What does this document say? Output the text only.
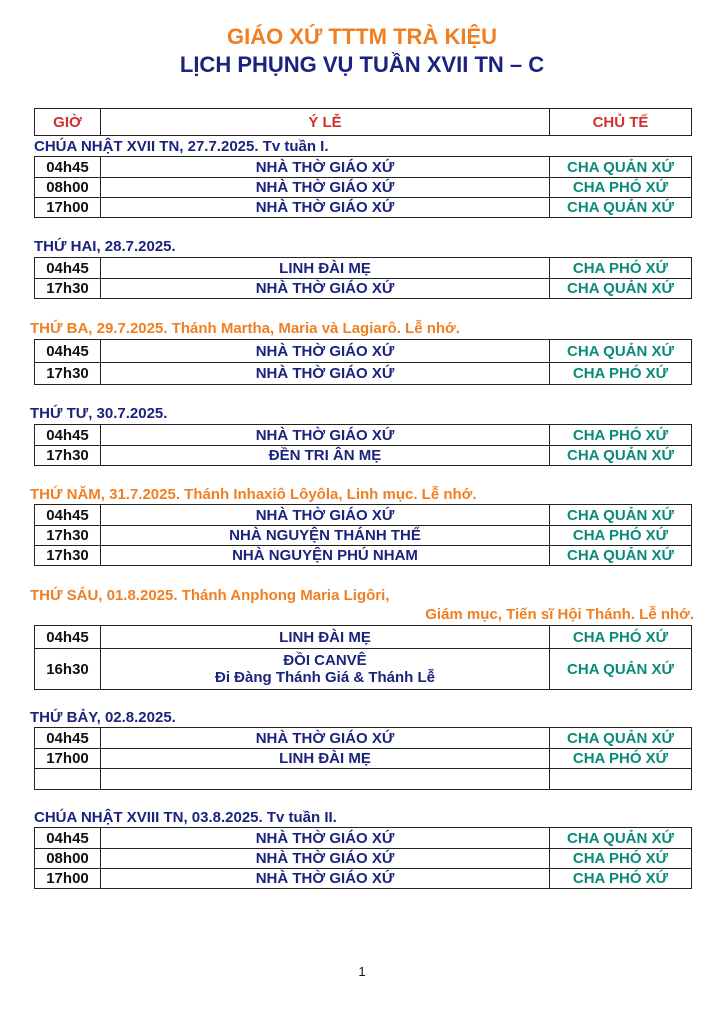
GIÁO XỨ TTTM TRÀ KIỆU
LỊCH PHỤNG VỤ TUẦN XVII TN – C
GIỜ	Ý LỄ	CHỦ TẾ
CHÚA NHẬT XVII TN, 27.7.2025. Tv tuần I.
04h45	NHÀ THỜ GIÁO XỨ	CHA QUẢN XỨ
08h00	NHÀ THỜ GIÁO XỨ	CHA PHÓ XỨ
17h00	NHÀ THỜ GIÁO XỨ	CHA QUẢN XỨ
THỨ HAI, 28.7.2025.
04h45	LINH ĐÀI MẸ	CHA PHÓ XỨ
17h30	NHÀ THỜ GIÁO XỨ	CHA QUẢN XỨ
THỨ BA, 29.7.2025. Thánh Martha, Maria và Lagiarô. Lễ nhớ.
04h45	NHÀ THỜ GIÁO XỨ	CHA QUẢN XỨ
17h30	NHÀ THỜ GIÁO XỨ	CHA PHÓ XỨ
THỨ TƯ, 30.7.2025.
04h45	NHÀ THỜ GIÁO XỨ	CHA PHÓ XỨ
17h30	ĐỀN TRI ÂN MẸ	CHA QUẢN XỨ
THỨ NĂM, 31.7.2025. Thánh Inhaxiô Lôyôla, Linh mục. Lễ nhớ.
04h45	NHÀ THỜ GIÁO XỨ	CHA QUẢN XỨ
17h30	NHÀ NGUYỆN THÁNH THỂ	CHA PHÓ XỨ
17h30	NHÀ NGUYỆN PHÚ NHAM	CHA QUẢN XỨ
THỨ SÁU, 01.8.2025. Thánh Anphong Maria Ligôri,
Giám mục, Tiến sĩ Hội Thánh. Lễ nhớ.
04h45	LINH ĐÀI MẸ	CHA PHÓ XỨ
16h30	ĐỒI CANVÊ
Đi Đàng Thánh Giá & Thánh Lễ	CHA QUẢN XỨ
THỨ BẢY, 02.8.2025.
04h45	NHÀ THỜ GIÁO XỨ	CHA QUẢN XỨ
17h00	LINH ĐÀI MẸ	CHA PHÓ XỨ
CHÚA NHẬT XVIII TN, 03.8.2025. Tv tuần II.
04h45	NHÀ THỜ GIÁO XỨ	CHA QUẢN XỨ
08h00	NHÀ THỜ GIÁO XỨ	CHA PHÓ XỨ
17h00	NHÀ THỜ GIÁO XỨ	CHA PHÓ XỨ
1
